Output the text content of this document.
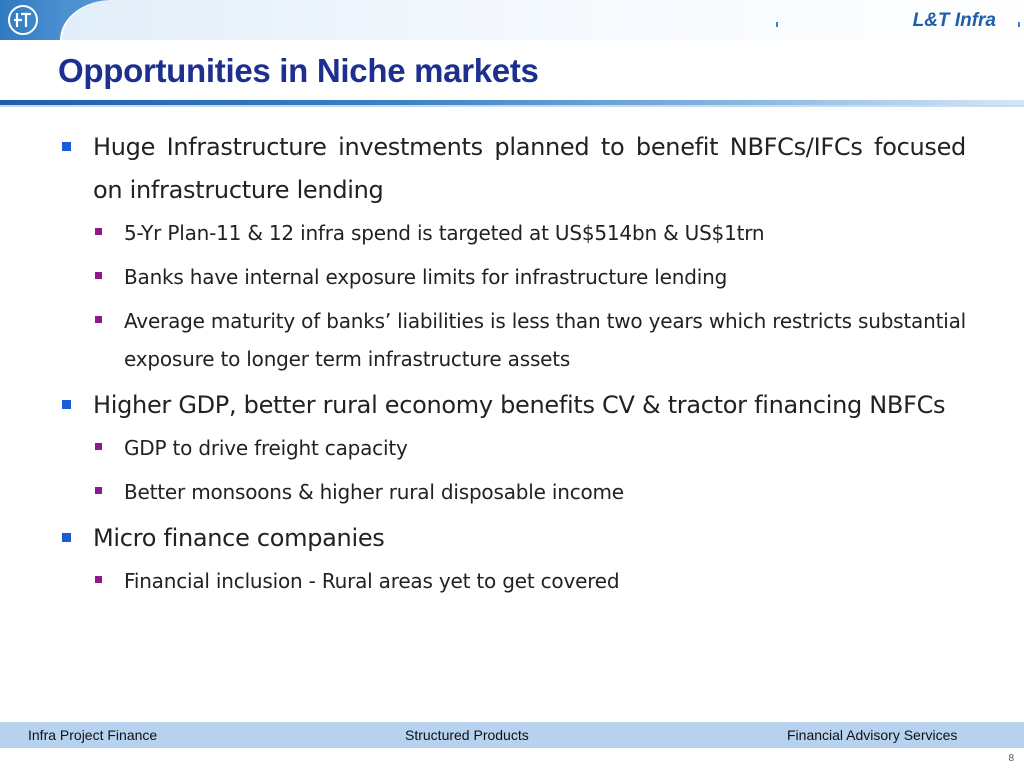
L&T Infra
Opportunities in Niche markets
Huge Infrastructure investments planned to benefit NBFCs/IFCs focused on infrastructure lending
5-Yr Plan-11 & 12 infra spend is targeted at US$514bn & US$1trn
Banks have internal exposure limits for infrastructure lending
Average maturity of banks’ liabilities is less than two years which restricts substantial exposure to longer term infrastructure assets
Higher GDP, better rural economy benefits CV & tractor financing NBFCs
GDP to drive freight capacity
Better monsoons & higher rural disposable income
Micro finance companies
Financial inclusion - Rural areas yet to get covered
Infra Project Finance	Structured Products	Financial Advisory Services
8
